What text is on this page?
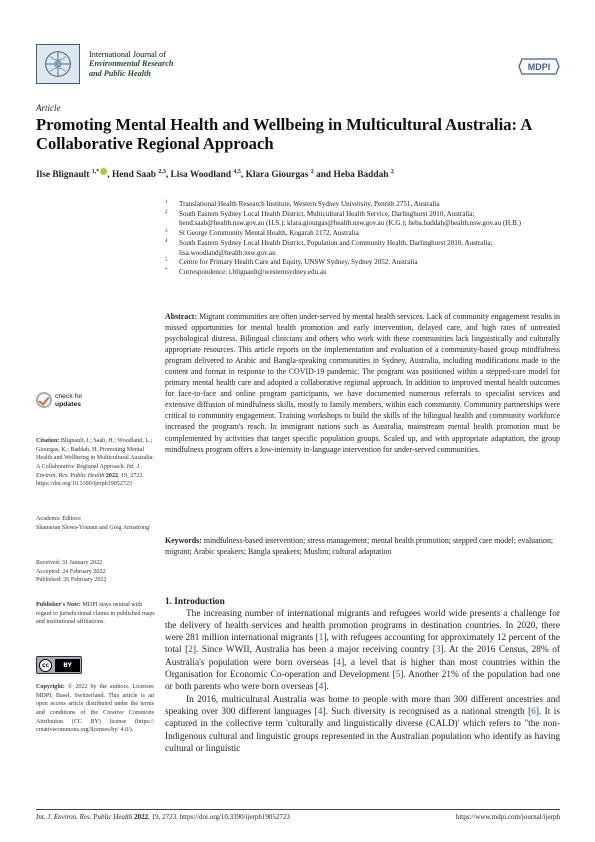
International Journal of
Environmental Research
and Public Health
MDPI
Article
Promoting Mental Health and Wellbeing in Multicultural Australia: A Collaborative Regional Approach
Ilse Blignault $^{1,*}$ , Hend Saab $^{2,3}$, Lisa Woodland $^{4,5}$, Klara Giourgas $^2$ and Heba Baddah $^2$
1 Translational Health Research Institute, Western Sydney University, Penrith 2751, Australia
2 South Eastern Sydney Local Health District, Multicultural Health Service, Darlinghurst 2010, Australia; hend.saab@health.nsw.gov.au (H.S.); klara.giourgas@health.nsw.gov.au (K.G.); heba.baddah@health.nsw.gov.au (H.B.)
3 St George Community Mental Health, Kogarah 2172, Australia
4 South Eastern Sydney Local Health District, Population and Community Health, Darlinghurst 2010, Australia; lisa.woodland@health.nsw.gov.au
5 Centre for Primary Health Care and Equity, UNSW Sydney, Sydney 2052, Australia
* Correspondence: i.blignault@westernsydney.edu.au
check for
updates
Citation: Blignault, I.; Saab, H.; Woodland, L.; Giourgas, K.; Baddah, H. Promoting Mental Health and Wellbeing in Multicultural Australia: A Collaborative Regional Approach. Int. J. Environ. Res. Public Health 2022, 19, 2723. https://doi.org/10.3390/ijerph19052723
Academic Editors:
Shameran Slewa-Younan and Greg Armstrong
Received: 31 January 2022
Accepted: 24 February 2022
Published: 26 February 2022
Publisher's Note: MDPI stays neutral with regard to jurisdictional claims in published maps and institutional affiliations.
cc	BY
Copyright: © 2022 by the authors. Licensee MDPI, Basel, Switzerland. This article is an open access article distributed under the terms and conditions of the Creative Commons Attribution (CC BY) license (https:// creativecommons.org/licenses/by/ 4.0/).
Abstract: Migrant communities are often under-served by mental health services. Lack of community engagement results in missed opportunities for mental health promotion and early intervention, delayed care, and high rates of untreated psychological distress. Bilingual clinicians and others who work with these communities lack linguistically and culturally appropriate resources. This article reports on the implementation and evaluation of a community-based group mindfulness program delivered to Arabic and Bangla-speaking communities in Sydney, Australia, including modifications made to the content and format in response to the COVID-19 pandemic. The program was positioned within a stepped-care model for primary mental health care and adopted a collaborative regional approach. In addition to improved mental health outcomes for face-to-face and online program participants, we have documented numerous referrals to specialist services and extensive diffusion of mindfulness skills, mostly to family members, within each community. Community partnerships were critical to community engagement. Training workshops to build the skills of the bilingual health and community workforce increased the program's reach. In immigrant nations such as Australia, mainstream mental health promotion must be complemented by activities that target specific population groups. Scaled up, and with appropriate adaptation, the group mindfulness program offers a low-intensity in-language intervention for under-served communities.
Keywords: mindfulness-based intervention; stress management; mental health promotion; stepped care model; evaluation; migrant; Arabic speakers; Bangla speakers; Muslim; cultural adaptation
1. Introduction

The increasing number of international migrants and refugees world wide presents a challenge for the delivery of health services and health promotion programs in destination countries. In 2020, there were 281 million international migrants [1], with refugees accounting for approximately 12 percent of the total [2]. Since WWII, Australia has been a major receiving country [3]. At the 2016 Census, 28% of Australia's population were born overseas [4], a level that is higher than most countries within the Organisation for Economic Co-operation and Development [5]. Another 21% of the population had one or both parents who were born overseas [4].

In 2016, multicultural Australia was home to people with more than 300 different ancestries and speaking over 300 different languages [4]. Such diversity is recognised as a national strength [6]. It is captured in the collective term 'culturally and linguistically diverse (CALD)' which refers to "the non-Indigenous cultural and linguistic groups represented in the Australian population who identify as having cultural or linguistic

Int. J. Environ. Res. Public Health 2022, 19, 2723. https://doi.org/10.3390/ijerph19052723	https://www.mdpi.com/journal/ijerph
